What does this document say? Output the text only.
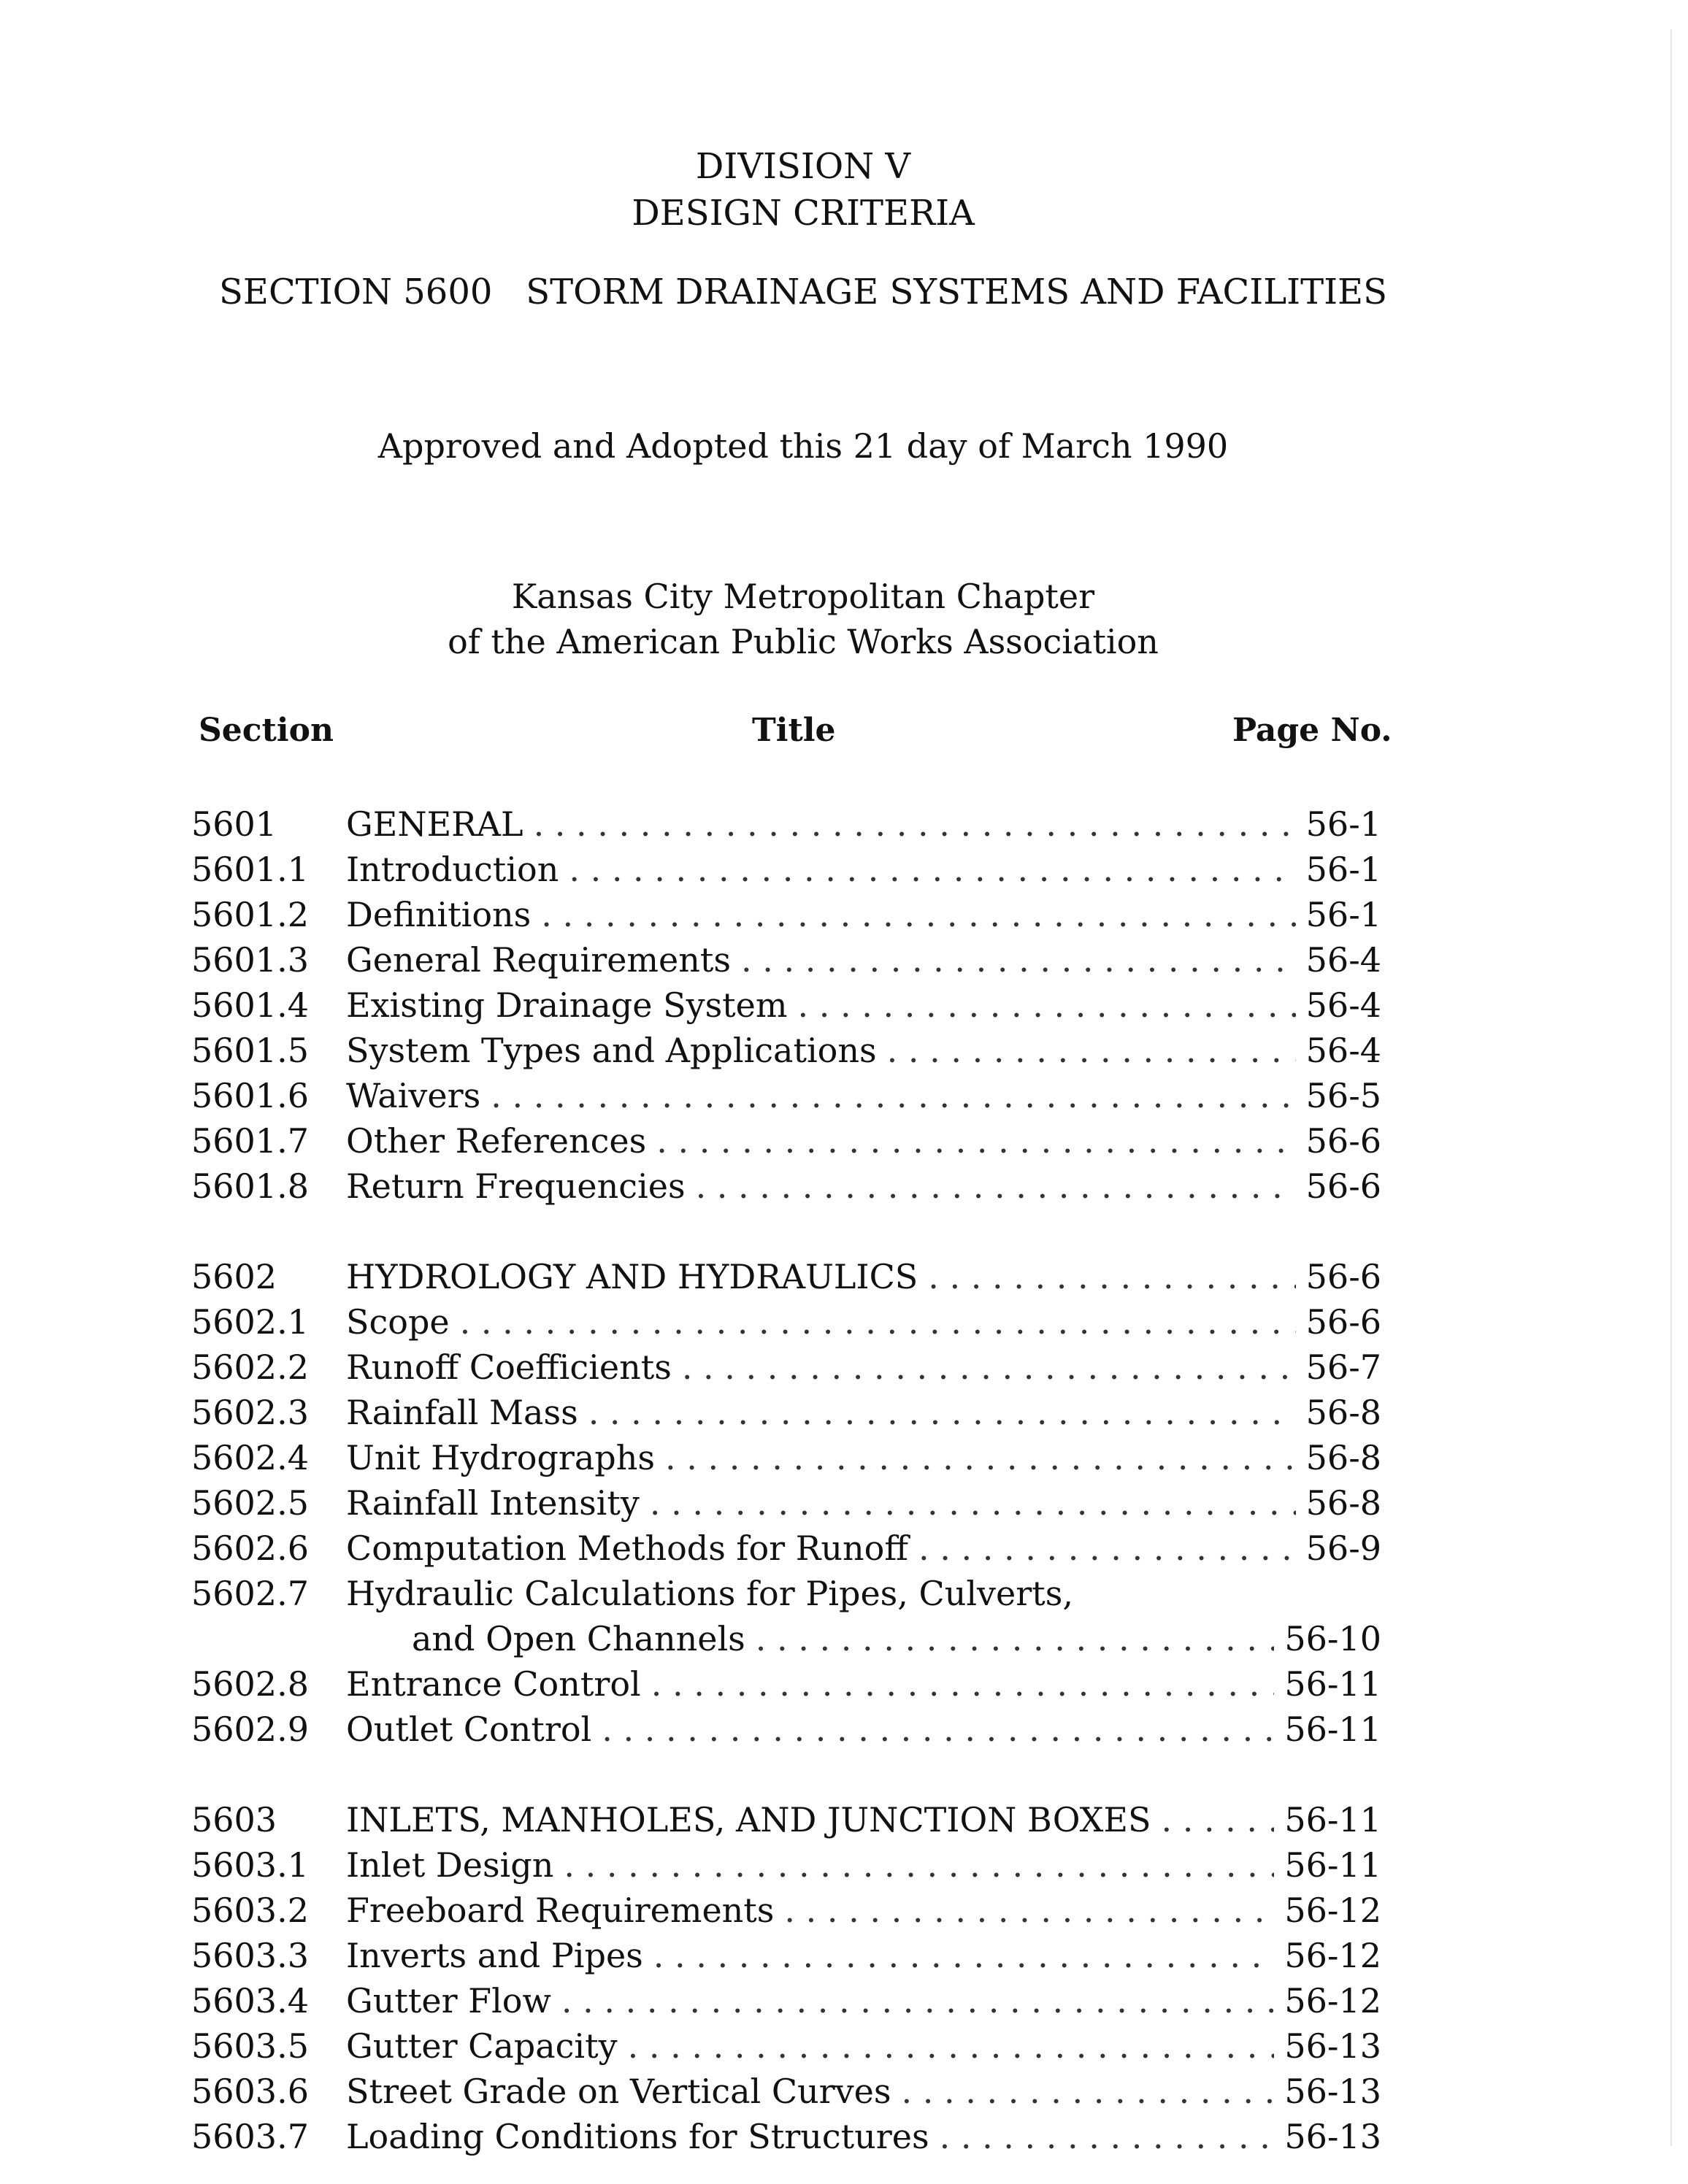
DIVISION V
DESIGN CRITERIA
SECTION 5600   STORM DRAINAGE SYSTEMS AND FACILITIES
Approved and Adopted this 21 day of March 1990
Kansas City Metropolitan Chapter
of the American Public Works Association
Section	Title	Page No.
5601	GENERAL . . .	56-1
5601.1	Introduction . . .	56-1
5601.2	Definitions . . .	56-1
5601.3	General Requirements . . .	56-4
5601.4	Existing Drainage System . . .	56-4
5601.5	System Types and Applications . . .	56-4
5601.6	Waivers . . .	56-5
5601.7	Other References . . .	56-6
5601.8	Return Frequencies . . .	56-6
5602	HYDROLOGY AND HYDRAULICS . . .	56-6
5602.1	Scope . . .	56-6
5602.2	Runoff Coefficients . . .	56-7
5602.3	Rainfall Mass . . .	56-8
5602.4	Unit Hydrographs . . .	56-8
5602.5	Rainfall Intensity . . .	56-8
5602.6	Computation Methods for Runoff . . .	56-9
5602.7	Hydraulic Calculations for Pipes, Culverts,
and Open Channels . . .	56-10
5602.8	Entrance Control . . .	56-11
5602.9	Outlet Control . . .	56-11
5603	INLETS, MANHOLES, AND JUNCTION BOXES . . .	56-11
5603.1	Inlet Design . . .	56-11
5603.2	Freeboard Requirements . . .	56-12
5603.3	Inverts and Pipes . . .	56-12
5603.4	Gutter Flow . . .	56-12
5603.5	Gutter Capacity . . .	56-13
5603.6	Street Grade on Vertical Curves . . .	56-13
5603.7	Loading Conditions for Structures . . .	56-13
